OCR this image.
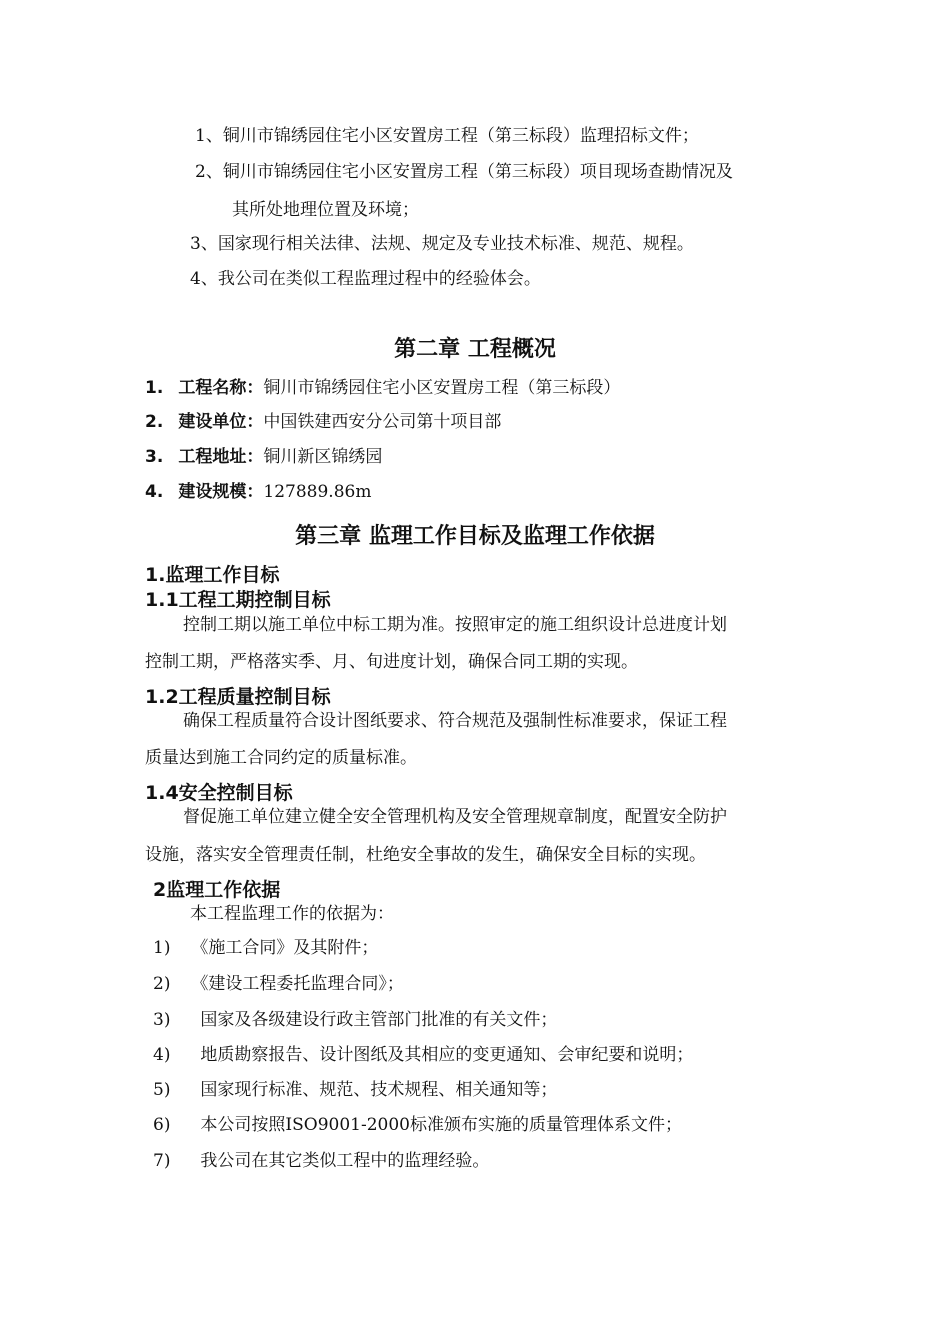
1、铜川市锦绣园住宅小区安置房工程（第三标段）监理招标文件；
2、铜川市锦绣园住宅小区安置房工程（第三标段）项目现场查勘情况及
其所处地理位置及环境；
3、国家现行相关法律、法规、规定及专业技术标准、规范、规程。
4、我公司在类似工程监理过程中的经验体会。
第二章 工程概况
1. 工程名称：铜川市锦绣园住宅小区安置房工程（第三标段）
2. 建设单位：中国铁建西安分公司第十项目部
3. 工程地址：铜川新区锦绣园
4. 建设规模：127889.86m
第三章 监理工作目标及监理工作依据
1.监理工作目标
1.1工程工期控制目标
控制工期以施工单位中标工期为准。按照审定的施工组织设计总进度计划
控制工期，严格落实季、月、旬进度计划，确保合同工期的实现。
1.2工程质量控制目标
确保工程质量符合设计图纸要求、符合规范及强制性标准要求，保证工程
质量达到施工合同约定的质量标准。
1.4安全控制目标
督促施工单位建立健全安全管理机构及安全管理规章制度，配置安全防护
设施，落实安全管理责任制，杜绝安全事故的发生，确保安全目标的实现。
2监理工作依据
本工程监理工作的依据为：
1) 《施工合同》及其附件；
2) 《建设工程委托监理合同》；
3) 国家及各级建设行政主管部门批准的有关文件；
4) 地质勘察报告、设计图纸及其相应的变更通知、会审纪要和说明；
5) 国家现行标准、规范、技术规程、相关通知等；
6) 本公司按照ISO9001-2000标准颁布实施的质量管理体系文件；
7) 我公司在其它类似工程中的监理经验。
